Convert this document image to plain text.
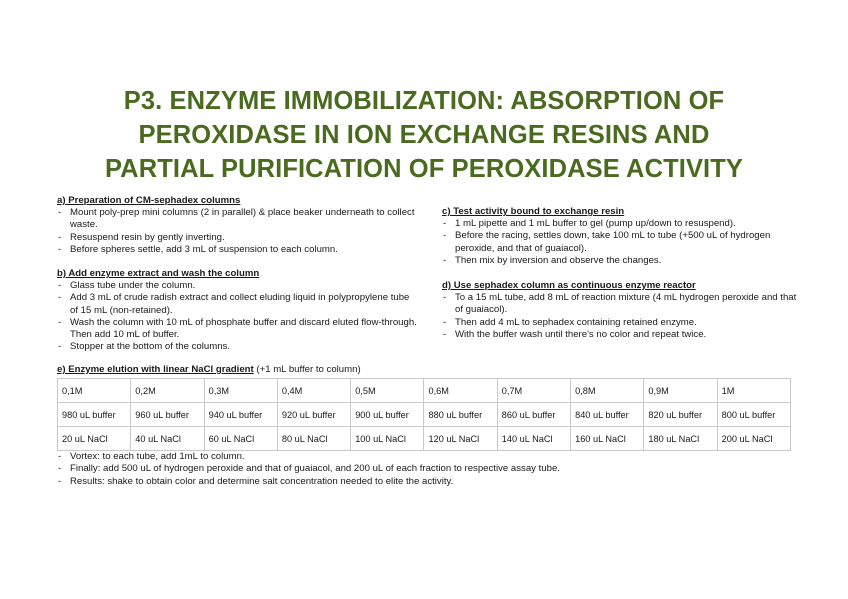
P3. ENZYME IMMOBILIZATION: ABSORPTION OF
PEROXIDASE IN ION EXCHANGE RESINS AND
PARTIAL PURIFICATION OF PEROXIDASE ACTIVITY

a) Preparation of CM-sephadex columns

- Mount poly-prep mini columns (2 in parallel) & place beaker underneath to collect waste.
- Resuspend resin by gently inverting.
- Before spheres settle, add 3 mL of suspension to each column.

b) Add enzyme extract and wash the column

- Glass tube under the column.
- Add 3 mL of crude radish extract and collect eluding liquid in polypropylene tube of 15 mL (non-retained).
- Wash the column with 10 mL of phosphate buffer and discard eluted flow-through. Then add 10 mL of buffer.
- Stopper at the bottom of the columns.

c) Test activity bound to exchange resin

- 1 mL pipette and 1 mL buffer to gel (pump up/down to resuspend).
- Before the racing, settles down, take 100 mL to tube (+500 uL of hydrogen peroxide, and that of guaiacol).
- Then mix by inversion and observe the changes.

d) Use sephadex column as continuous enzyme reactor

- To a 15 mL tube, add 8 mL of reaction mixture (4 mL hydrogen peroxide and that of guaiacol).
- Then add 4 mL to sephadex containing retained enzyme.
- With the buffer wash until there's no color and repeat twice.
e) Enzyme elution with linear NaCl gradient (+1 mL buffer to column)
0,1M	0,2M	0,3M	0,4M	0,5M	0,6M	0,7M	0,8M	0,9M	1M
980 uL buffer	960 uL buffer	940 uL buffer	920 uL buffer	900 uL buffer	880 uL buffer	860 uL buffer	840 uL buffer	820 uL buffer	800 uL buffer
20 uL NaCl	40 uL NaCl	60 uL NaCl	80 uL NaCl	100 uL NaCl	120 uL NaCl	140 uL NaCl	160 uL NaCl	180 uL NaCl	200 uL NaCl
- Vortex: to each tube, add 1mL to column.
- Finally: add 500 uL of hydrogen peroxide and that of guaiacol, and 200 uL of each fraction to respective assay tube.
- Results: shake to obtain color and determine salt concentration needed to elite the activity.
